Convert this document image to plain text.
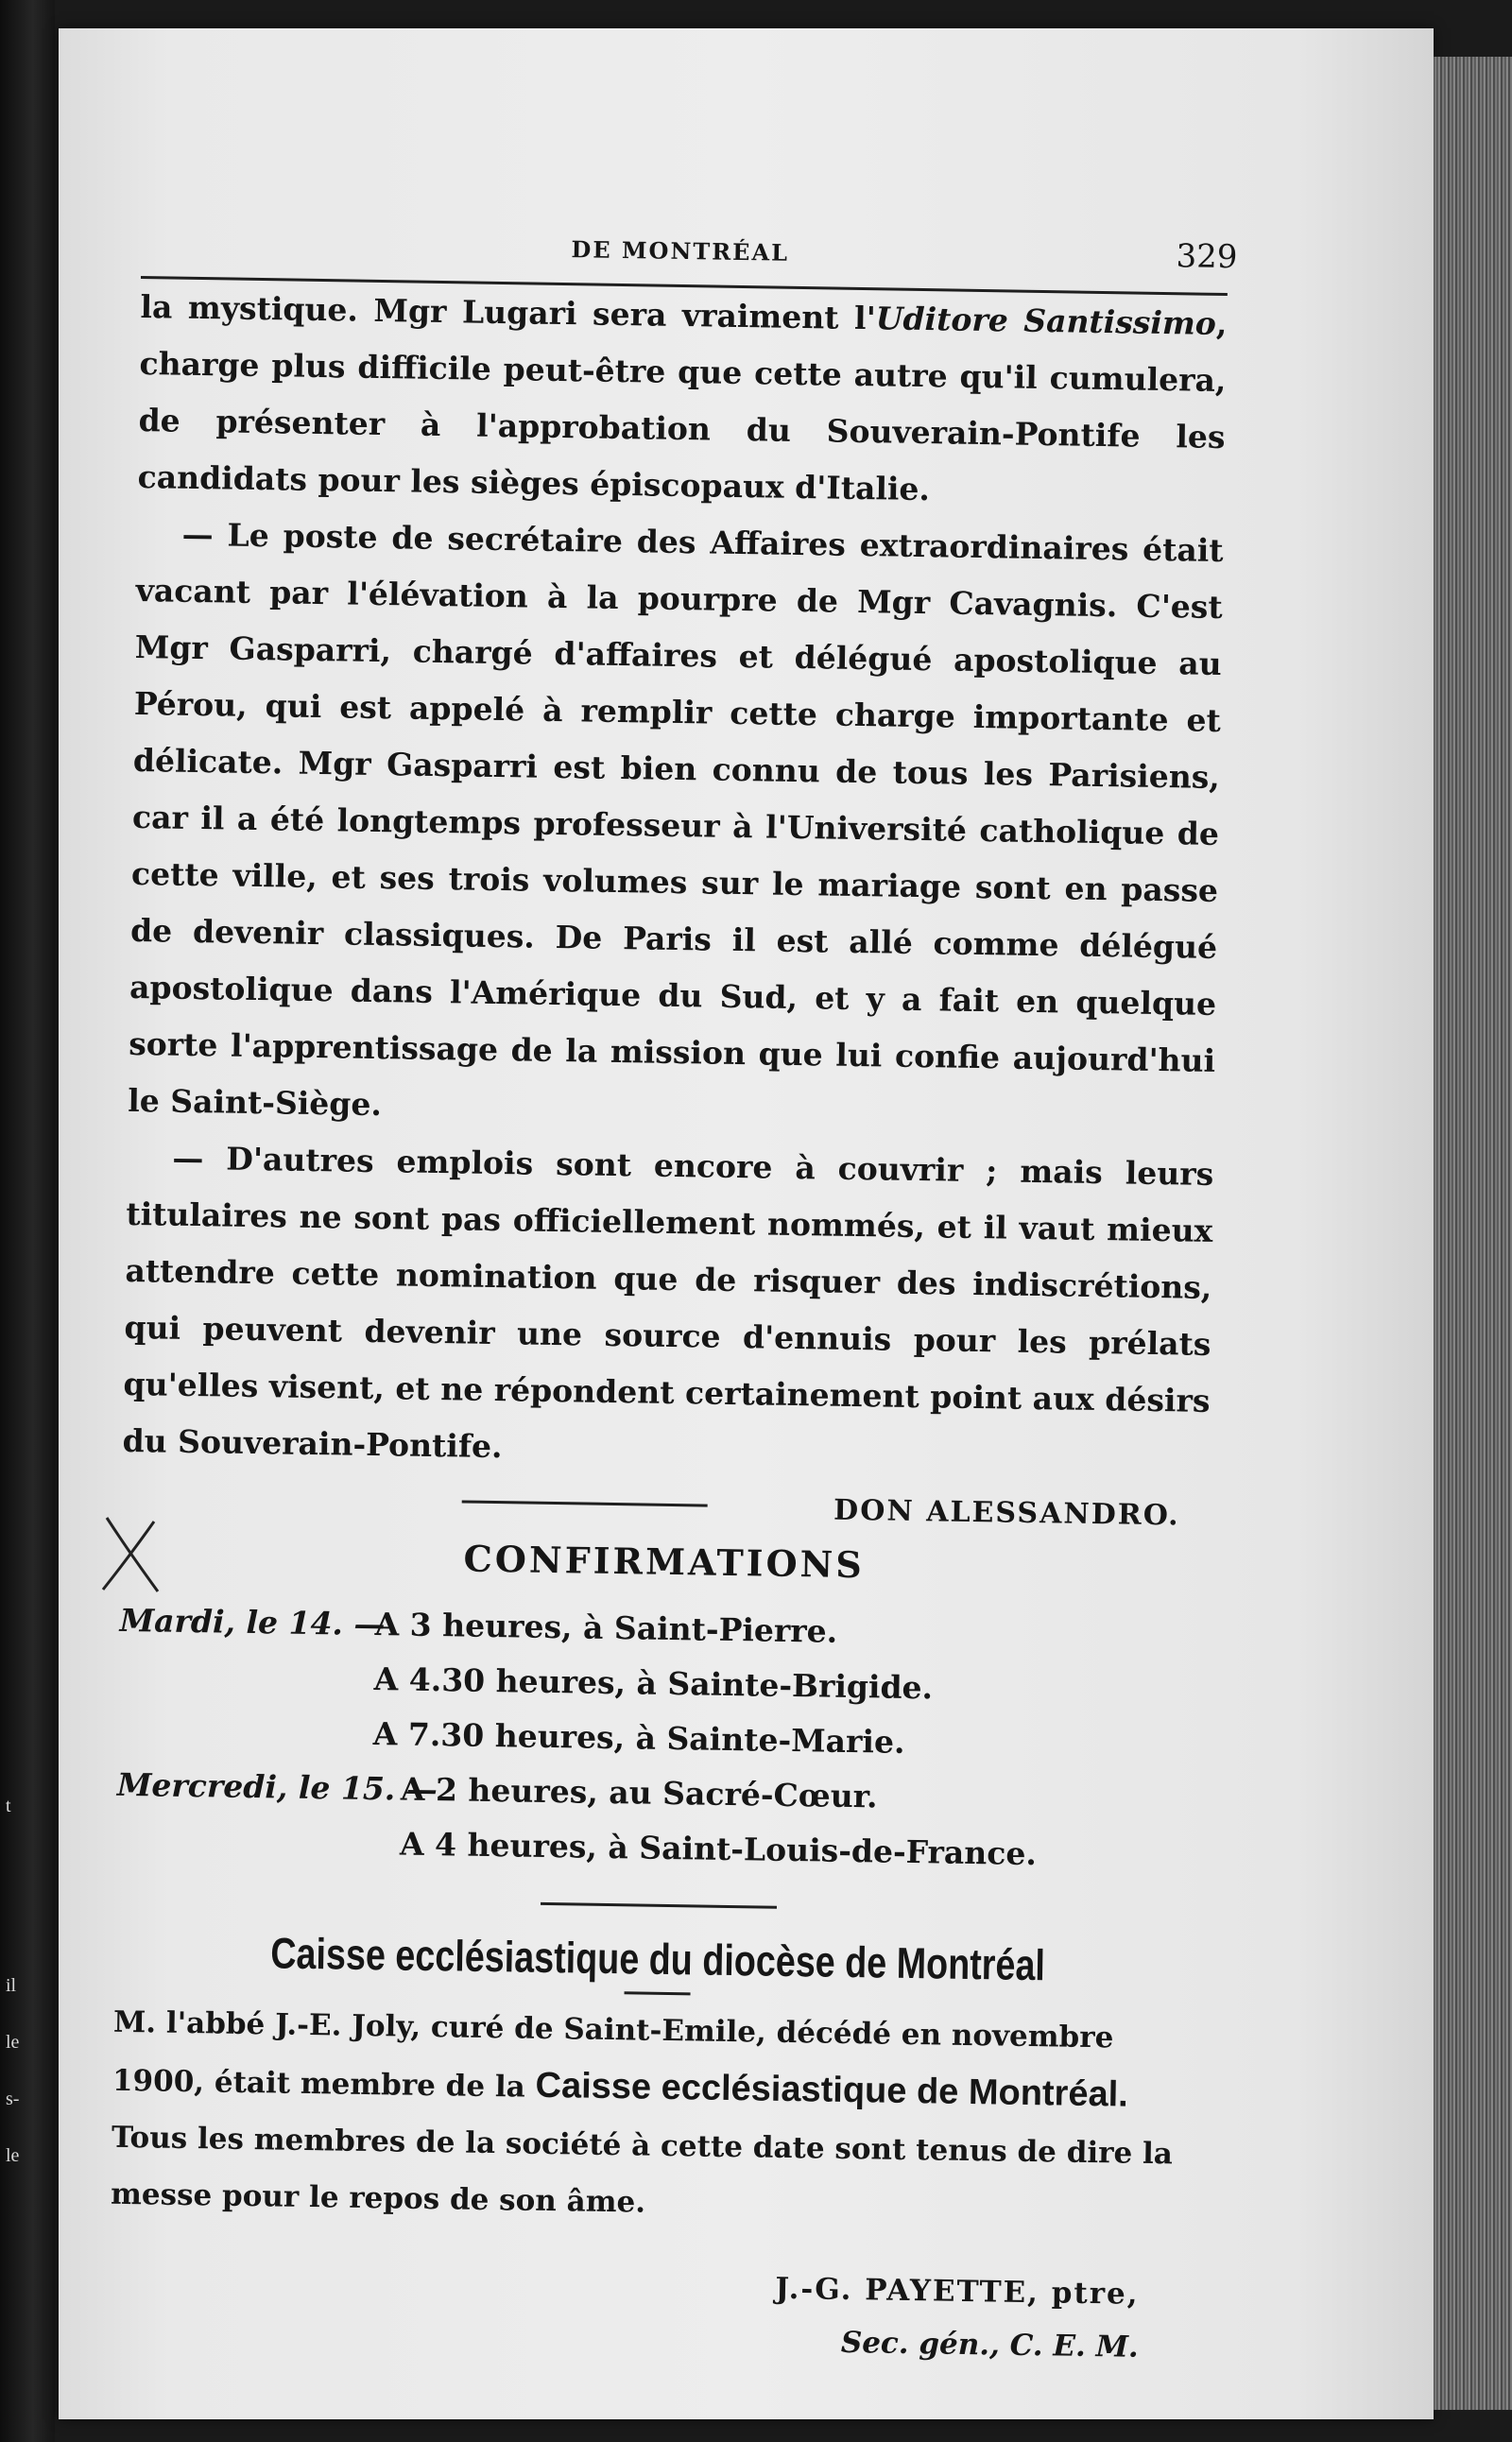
t
il
le
s-
le
DE MONTRÉAL	329

la mystique. Mgr Lugari sera vraiment l'Uditore Santissimo, charge plus difficile peut-être que cette autre qu'il cumulera, de présenter à l'approbation du Souverain-Pontife les candidats pour les sièges épiscopaux d'Italie.

— Le poste de secrétaire des Affaires extraordinaires était vacant par l'élévation à la pourpre de Mgr Cavagnis. C'est Mgr Gasparri, chargé d'affaires et délégué apostolique au Pérou, qui est appelé à remplir cette charge importante et délicate. Mgr Gasparri est bien connu de tous les Parisiens, car il a été longtemps professeur à l'Université catholique de cette ville, et ses trois volumes sur le mariage sont en passe de devenir classiques. De Paris il est allé comme délégué apostolique dans l'Amérique du Sud, et y a fait en quelque sorte l'apprentissage de la mission que lui confie aujourd'hui le Saint-Siège.

— D'autres emplois sont encore à couvrir ; mais leurs titulaires ne sont pas officiellement nommés, et il vaut mieux attendre cette nomination que de risquer des indiscrétions, qui peuvent devenir une source d'ennuis pour les prélats qu'elles visent, et ne répondent certainement point aux désirs du Souverain-Pontife.

DON ALESSANDRO.
CONFIRMATIONS
Mardi, le 14. —
A 3 heures, à Saint-Pierre.
A 4.30 heures, à Sainte-Brigide.
A 7.30 heures, à Sainte-Marie.
Mercredi, le 15. —
A 2 heures, au Sacré-Cœur.
A 4 heures, à Saint-Louis-de-France.
Caisse ecclésiastique du diocèse de Montréal

M. l'abbé J.-E. Joly, curé de Saint-Emile, décédé en novembre 1900, était membre de la Caisse ecclésiastique de Montréal. Tous les membres de la société à cette date sont tenus de dire la messe pour le repos de son âme.

J.-G. PAYETTE, ptre,
Sec. gén., C. E. M.
